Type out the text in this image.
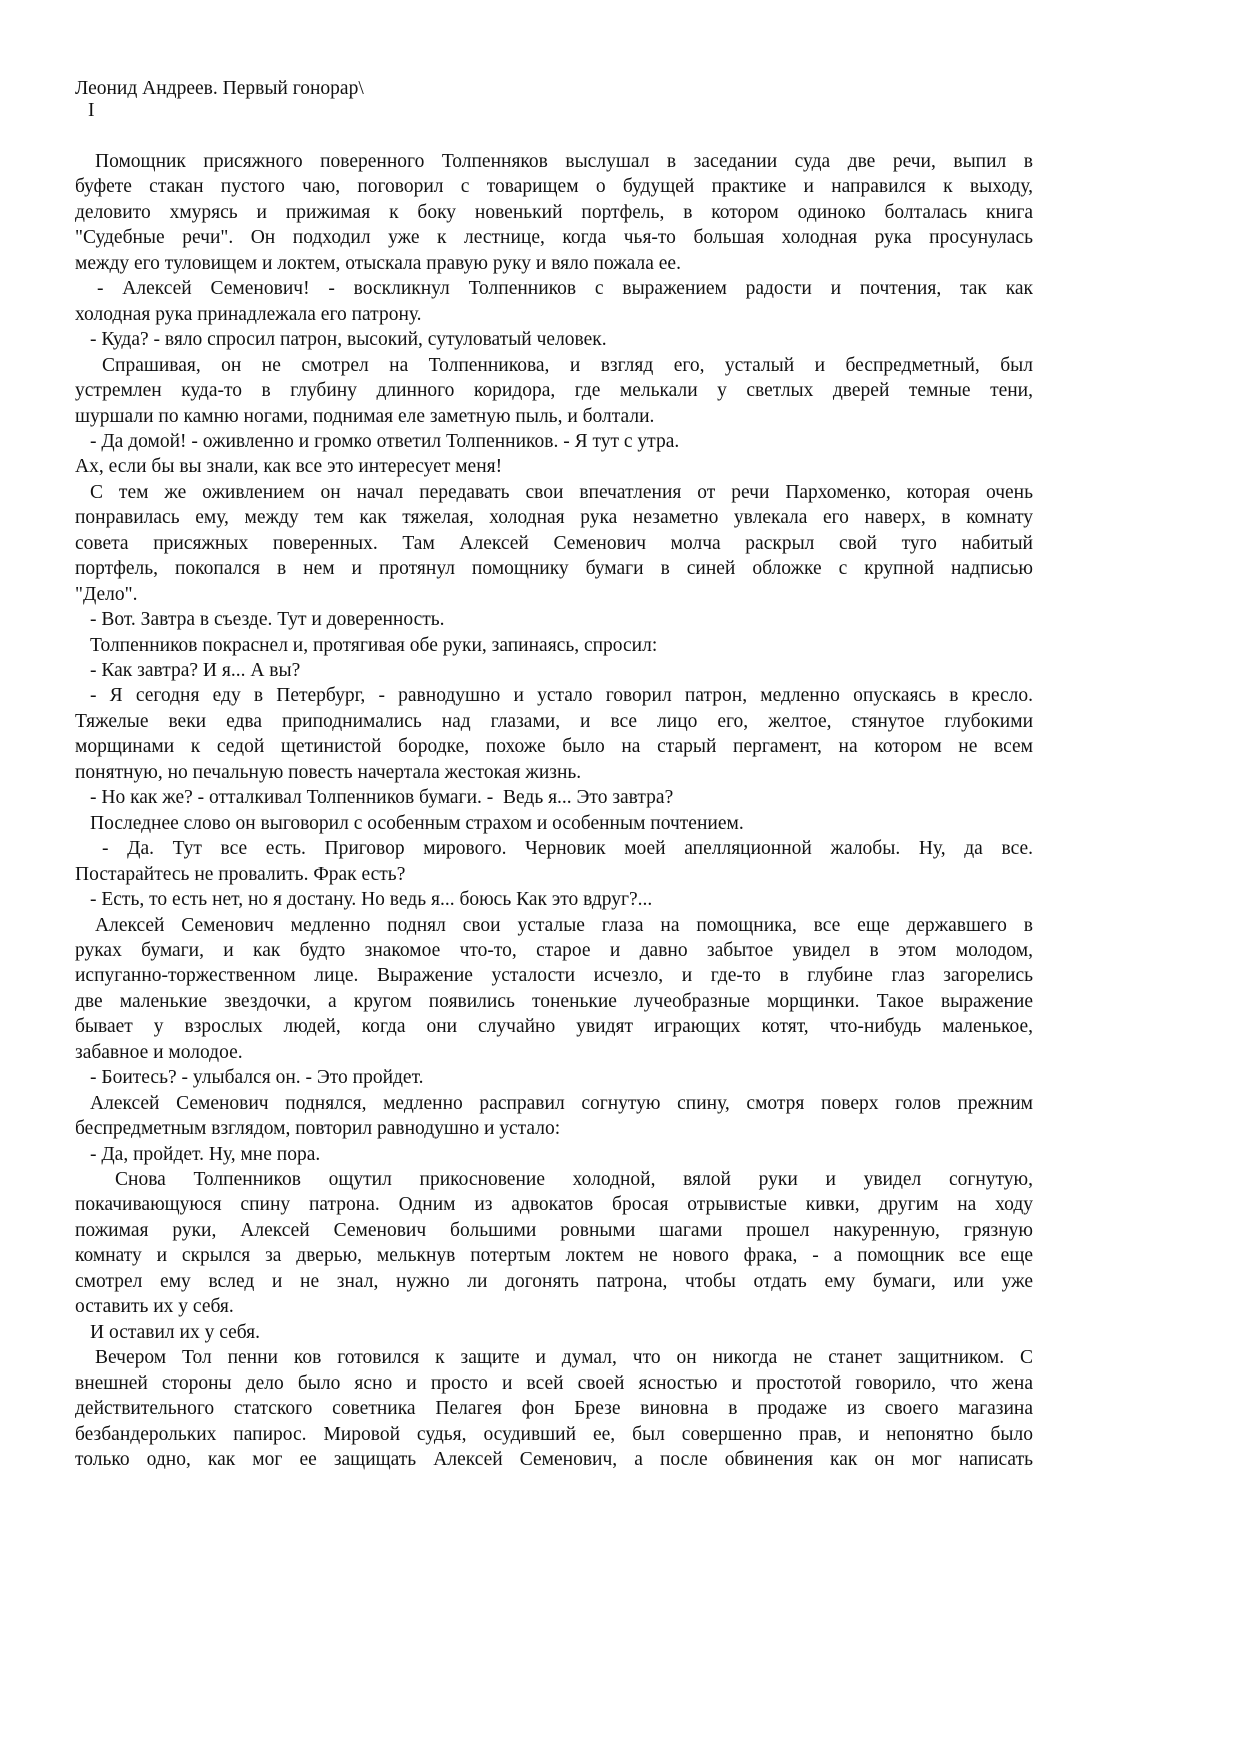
Леонид Андреев. Первый гонорар\
I
Помощник присяжного поверенного Толпенняков выслушал в заседании суда две речи, выпил в
буфете стакан пустого чаю, поговорил с товарищем о будущей практике и направился к выходу,
деловито хмурясь и прижимая к боку новенький портфель, в котором одиноко болталась книга
"Судебные речи". Он подходил уже к лестнице, когда чья-то большая холодная рука просунулась
между его туловищем и локтем, отыскала правую руку и вяло пожала ее.
- Алексей Семенович! - воскликнул Толпенников с выражением радости и почтения, так как
холодная рука принадлежала его патрону.
- Куда? - вяло спросил патрон, высокий, сутуловатый человек.
Спрашивая, он не смотрел на Толпенникова, и взгляд его, усталый и беспредметный, был
устремлен куда-то в глубину длинного коридора, где мелькали у светлых дверей темные тени,
шуршали по камню ногами, поднимая еле заметную пыль, и болтали.
- Да домой! - оживленно и громко ответил Толпенников. - Я тут с утра.
Ах, если бы вы знали, как все это интересует меня!
С тем же оживлением он начал передавать свои впечатления от речи Пархоменко, которая очень
понравилась ему, между тем как тяжелая, холодная рука незаметно увлекала его наверх, в комнату
совета присяжных поверенных. Там Алексей Семенович молча раскрыл свой туго набитый
портфель, покопался в нем и протянул помощнику бумаги в синей обложке с крупной надписью
"Дело".
- Вот. Завтра в съезде. Тут и доверенность.
Толпенников покраснел и, протягивая обе руки, запинаясь, спросил:
- Как завтра? И я... А вы?
- Я сегодня еду в Петербург, - равнодушно и устало говорил патрон, медленно опускаясь в кресло.
Тяжелые веки едва приподнимались над глазами, и все лицо его, желтое, стянутое глубокими
морщинами к седой щетинистой бородке, похоже было на старый пергамент, на котором не всем
понятную, но печальную повесть начертала жестокая жизнь.
- Но как же? - отталкивал Толпенников бумаги. -  Ведь я... Это завтра?
Последнее слово он выговорил с особенным страхом и особенным почтением.
- Да. Тут все есть. Приговор мирового. Черновик моей апелляционной жалобы. Ну, да все.
Постарайтесь не провалить. Фрак есть?
- Есть, то есть нет, но я достану. Но ведь я... боюсь Как это вдруг?...
Алексей Семенович медленно поднял свои усталые глаза на помощника, все еще державшего в
руках бумаги, и как будто знакомое что-то, старое и давно забытое увидел в этом молодом,
испуганно-торжественном лице. Выражение усталости исчезло, и где-то в глубине глаз загорелись
две маленькие звездочки, а кругом появились тоненькие лучеобразные морщинки. Такое выражение
бывает у взрослых людей, когда они случайно увидят играющих котят, что-нибудь маленькое,
забавное и молодое.
- Боитесь? - улыбался он. - Это пройдет.
Алексей Семенович поднялся, медленно расправил согнутую спину, смотря поверх голов прежним
беспредметным взглядом, повторил равнодушно и устало:
- Да, пройдет. Ну, мне пора.
Снова Толпенников ощутил прикосновение холодной, вялой руки и увидел согнутую,
покачивающуюся спину патрона. Одним из адвокатов бросая отрывистые кивки, другим на ходу
пожимая руки, Алексей Семенович большими ровными шагами прошел накуренную, грязную
комнату и скрылся за дверью, мелькнув потертым локтем не нового фрака, - а помощник все еще
смотрел ему вслед и не знал, нужно ли догонять патрона, чтобы отдать ему бумаги, или уже
оставить их у себя.
И оставил их у себя.
Вечером Тол пенни ков готовился к защите и думал, что он никогда не станет защитником. С
внешней стороны дело было ясно и просто и всей своей ясностью и простотой говорило, что жена
действительного статского советника Пелагея фон Брезе виновна в продаже из своего магазина
безбандерольких папирос. Мировой судья, осудивший ее, был совершенно прав, и непонятно было
только одно, как мог ее защищать Алексей Семенович, а после обвинения как он мог написать
